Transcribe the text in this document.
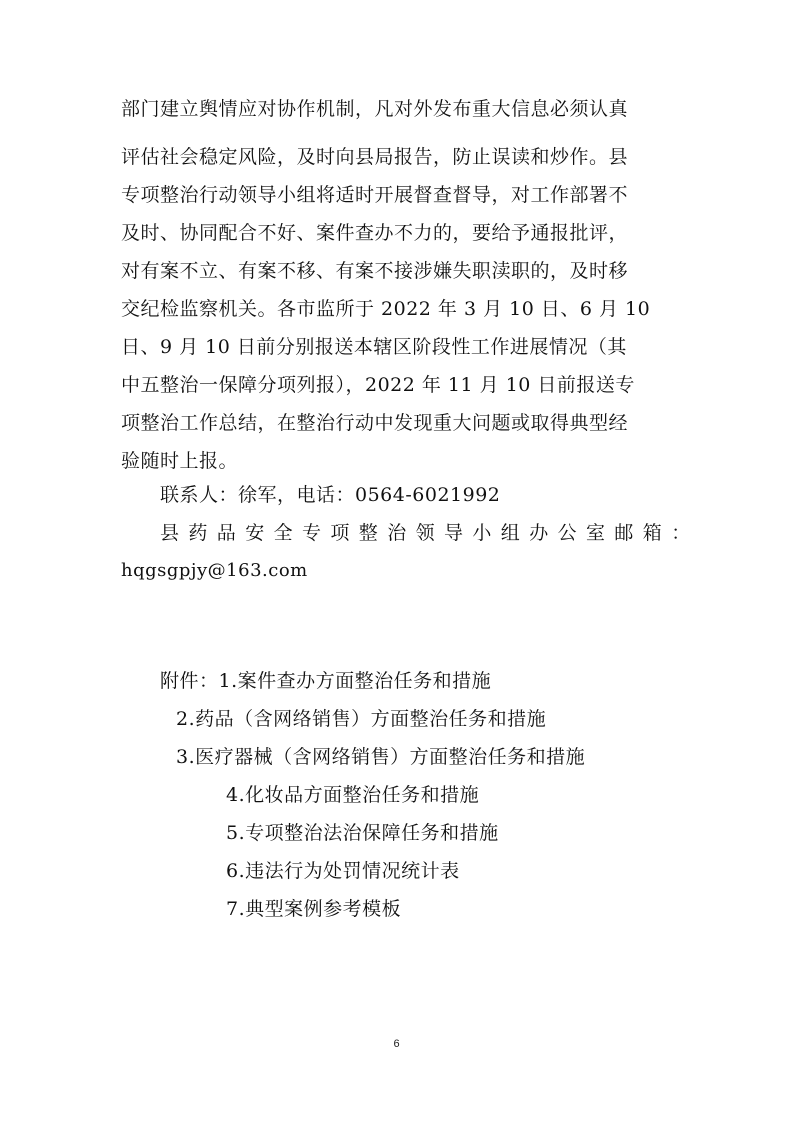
部门建立舆情应对协作机制，凡对外发布重大信息必须认真
评估社会稳定风险，及时向县局报告，防止误读和炒作。县
专项整治行动领导小组将适时开展督查督导，对工作部署不
及时、协同配合不好、案件查办不力的，要给予通报批评，
对有案不立、有案不移、有案不接涉嫌失职渎职的，及时移
交纪检监察机关。各市监所于 2022 年 3 月 10 日、6 月 10
日、9 月 10 日前分别报送本辖区阶段性工作进展情况（其
中五整治一保障分项列报），2022 年 11 月 10 日前报送专
项整治工作总结，在整治行动中发现重大问题或取得典型经
验随时上报。
联系人：徐军，电话：0564-6021992
县药品安全专项整治领导小组办公室邮箱：
hqgsgpjy@163.com
附件：1.案件查办方面整治任务和措施
2.药品（含网络销售）方面整治任务和措施
3.医疗器械（含网络销售）方面整治任务和措施
4.化妆品方面整治任务和措施
5.专项整治法治保障任务和措施
6.违法行为处罚情况统计表
7.典型案例参考模板
6
